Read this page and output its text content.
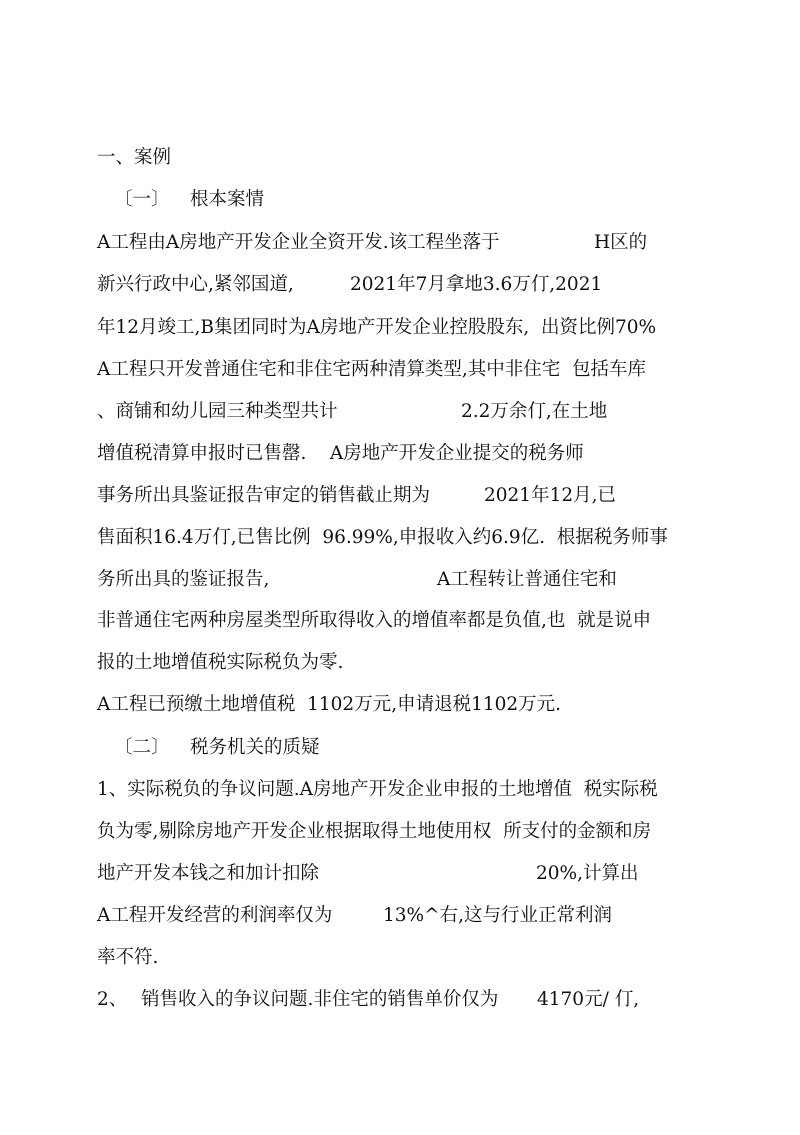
一、案例

〔一〕

根本案情

A工程由A房地产开发企业全资开发.该工程坐落于

	H区的

新兴行政中心,紧邻国道,

	2021年7月拿地3.6万仃,2021

年12月竣工,B集团同时为A房地产开发企业控股股东,  出资比例70%

A工程只开发普通住宅和非住宅两种清算类型,其中非住宅  包括车库

、商铺和幼儿园三种类型共计

	2.2万余仃,在土地

增值税清算申报时已售罄.    A房地产开发企业提交的税务师

事务所出具鉴证报告审定的销售截止期为

	2021年12月,已

售面积16.4万仃,已售比例  96.99%,申报收入约6.9亿.  根据税务师事

务所出具的鉴证报告,

	A工程转让普通住宅和

非普通住宅两种房屋类型所取得收入的增值率都是负值,也  就是说申

报的土地增值税实际税负为零.

A工程已预缴土地增值税  1102万元,申请退税1102万元.

〔二〕

税务机关的质疑

1、实际税负的争议问题.A房地产开发企业申报的土地增值  税实际税

负为零,剔除房地产开发企业根据取得土地使用权  所支付的金额和房

地产开发本钱之和加计扣除

	20%,计算出

A工程开发经营的利润率仅为

	13%^右,这与行业正常利润

率不符.

2、

销售收入的争议问题.非住宅的销售单价仅为

4170元/ 仃,
